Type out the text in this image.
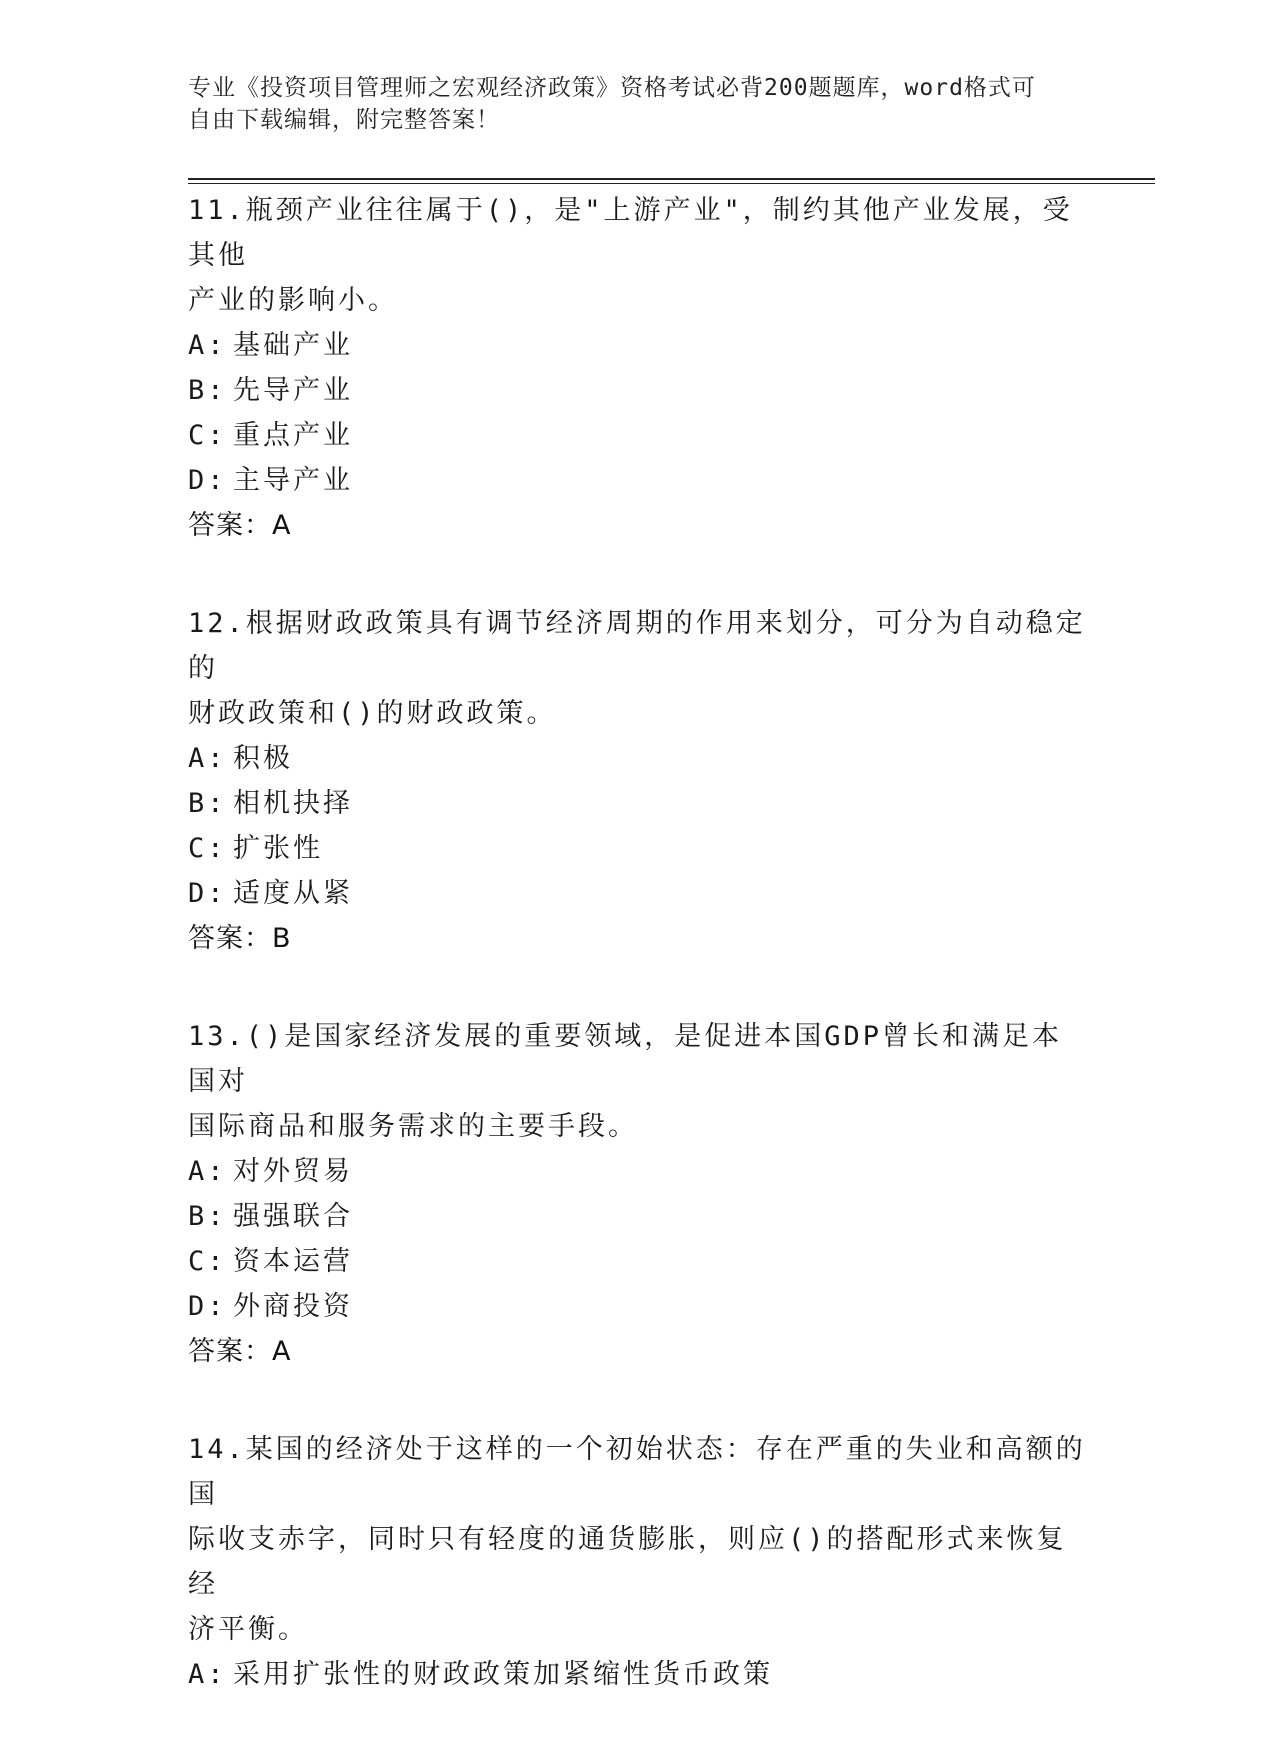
专业《投资项目管理师之宏观经济政策》资格考试必背200题题库，word格式可
自由下载编辑，附完整答案！

11.瓶颈产业往往属于()，是"上游产业"，制约其他产业发展，受其他
产业的影响小。

A: 基础产业

B: 先导产业

C: 重点产业

D: 主导产业

答案：A

12.根据财政政策具有调节经济周期的作用来划分，可分为自动稳定的
财政政策和()的财政政策。

A: 积极

B: 相机抉择

C: 扩张性

D: 适度从紧

答案：B

13.()是国家经济发展的重要领域，是促进本国GDP曾长和满足本国对
国际商品和服务需求的主要手段。

A: 对外贸易

B: 强强联合

C: 资本运营

D: 外商投资

答案：A

14.某国的经济处于这样的一个初始状态：存在严重的失业和高额的国
际收支赤字，同时只有轻度的通货膨胀，则应()的搭配形式来恢复经
济平衡。

A: 采用扩张性的财政政策加紧缩性货币政策
